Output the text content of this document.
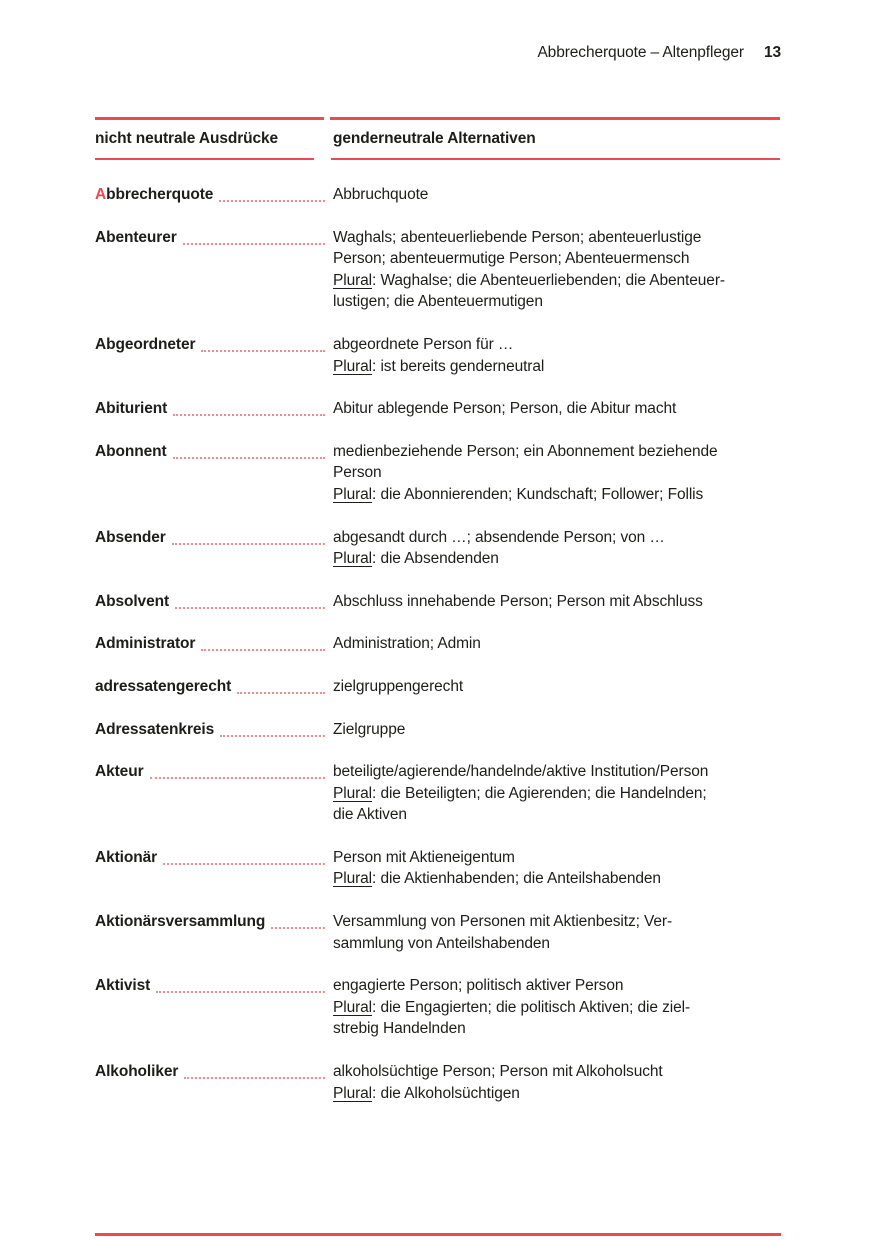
Abbrecherquote – Altenpfleger 13
nicht neutrale Ausdrücke	genderneutrale Alternativen
Abbrecherquote	Abbruchquote
Abenteurer	Waghals; abenteuerliebende Person; abenteuerlustige
Person; abenteuermutige Person; Abenteuermensch
Plural: Waghalse; die Abenteuerliebenden; die Abenteuer-
lustigen; die Abenteuermutigen
Abgeordneter	abgeordnete Person für …
Plural: ist bereits genderneutral
Abiturient	Abitur ablegende Person; Person, die Abitur macht
Abonnent	medienbeziehende Person; ein Abonnement beziehende
Person
Plural: die Abonnierenden; Kundschaft; Follower; Follis
Absender	abgesandt durch …; absendende Person; von …
Plural: die Absendenden
Absolvent	Abschluss innehabende Person; Person mit Abschluss
Administrator	Administration; Admin
adressatengerecht	zielgruppengerecht
Adressatenkreis	Zielgruppe
Akteur	beteiligte/agierende/handelnde/aktive Institution/Person
Plural: die Beteiligten; die Agierenden; die Handelnden;
die Aktiven
Aktionär	Person mit Aktieneigentum
Plural: die Aktienhabenden; die Anteilshabenden
Aktionärsversammlung	Versammlung von Personen mit Aktienbesitz; Ver-
sammlung von Anteilshabenden
Aktivist	engagierte Person; politisch aktiver Person
Plural: die Engagierten; die politisch Aktiven; die ziel-
strebig Handelnden
Alkoholiker	alkoholsüchtige Person; Person mit Alkoholsucht
Plural: die Alkoholsüchtigen
